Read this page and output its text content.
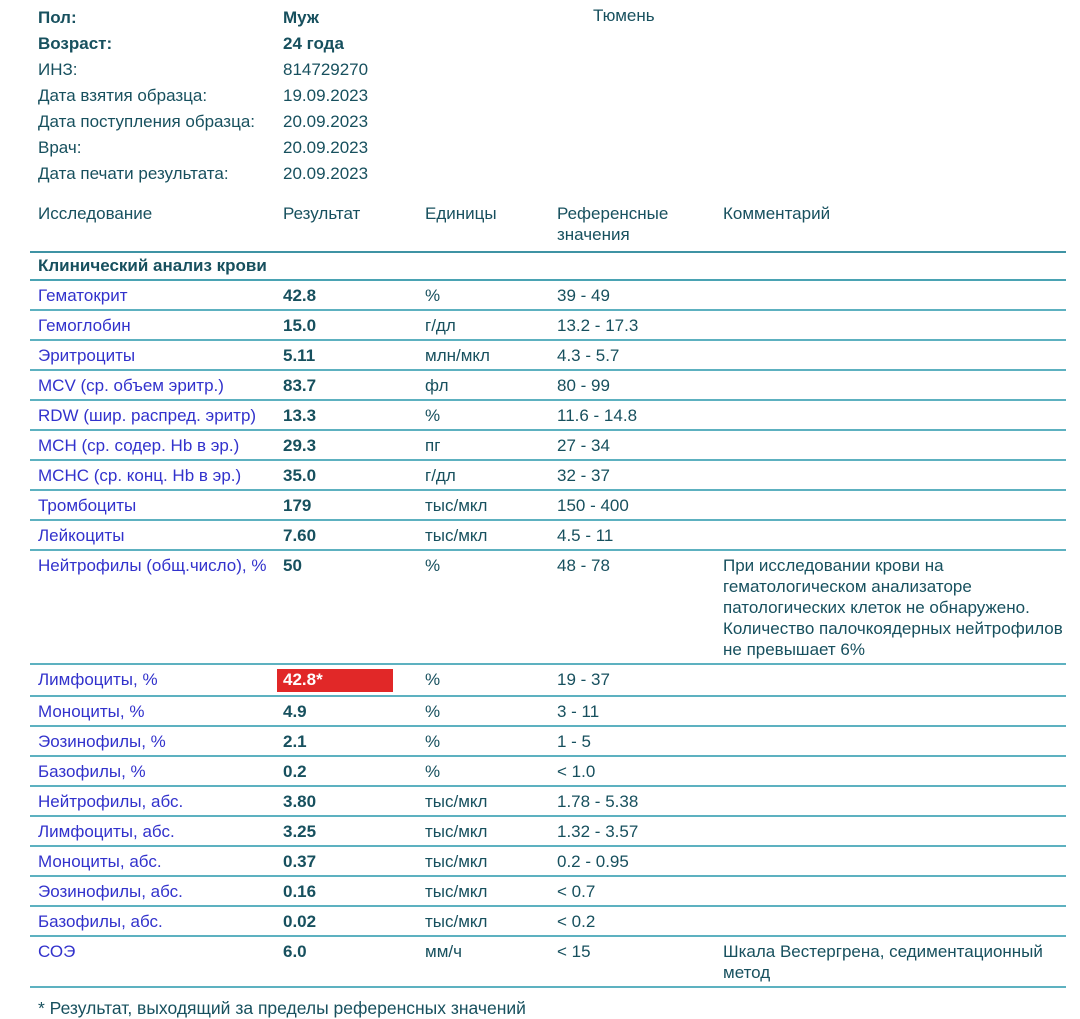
Пол:	Муж
Возраст:	24 года
ИНЗ:	814729270
Дата взятия образца:	19.09.2023
Дата поступления образца:	20.09.2023
Врач:	20.09.2023
Дата печати результата:	20.09.2023
Тюмень
Исследование	Результат	Единицы	Референсные значения	Комментарий
Клинический анализ крови				
Гематокрит	42.8	%	39 - 49	
Гемоглобин	15.0	г/дл	13.2 - 17.3	
Эритроциты	5.11	млн/мкл	4.3 - 5.7	
MCV (ср. объем эритр.)	83.7	фл	80 - 99	
RDW (шир. распред. эритр)	13.3	%	11.6 - 14.8	
MCH (ср. содер. Hb в эр.)	29.3	пг	27 - 34	
MCHC (ср. конц. Hb в эр.)	35.0	г/дл	32 - 37	
Тромбоциты	179	тыс/мкл	150 - 400	
Лейкоциты	7.60	тыс/мкл	4.5 - 11	
Нейтрофилы (общ.число), %	50	%	48 - 78	При исследовании крови на гематологическом анализаторе патологических клеток не обнаружено. Количество палочкоядерных нейтрофилов не превышает 6%
Лимфоциты, %	42.8*	%	19 - 37	
Моноциты, %	4.9	%	3 - 11	
Эозинофилы, %	2.1	%	1 - 5	
Базофилы, %	0.2	%	< 1.0	
Нейтрофилы, абс.	3.80	тыс/мкл	1.78 - 5.38	
Лимфоциты, абс.	3.25	тыс/мкл	1.32 - 3.57	
Моноциты, абс.	0.37	тыс/мкл	0.2 - 0.95	
Эозинофилы, абс.	0.16	тыс/мкл	< 0.7	
Базофилы, абс.	0.02	тыс/мкл	< 0.2	
СОЭ	6.0	мм/ч	< 15	Шкала Вестергрена, седиментационный метод
* Результат, выходящий за пределы референсных значений
